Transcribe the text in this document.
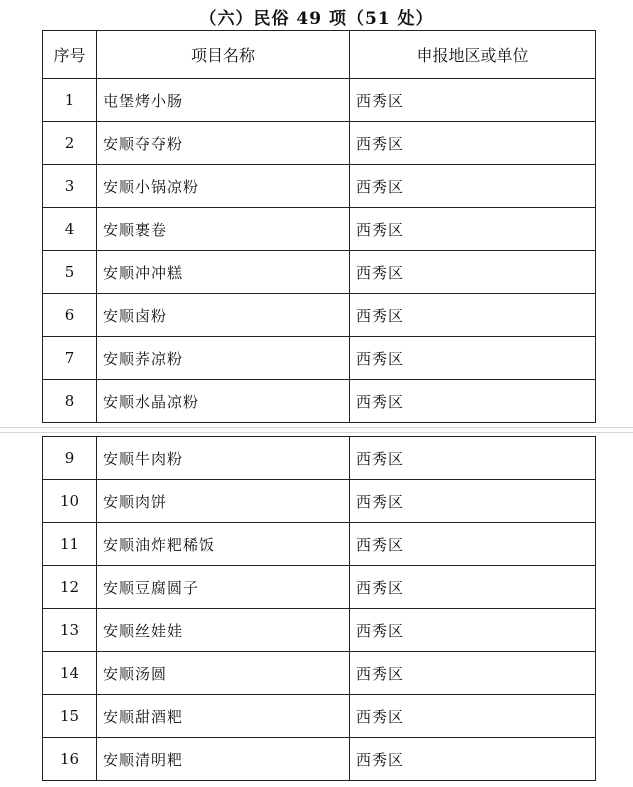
（六）民俗 49 项（51 处）
序号	项目名称	申报地区或单位
1	屯堡烤小肠	西秀区
2	安顺夺夺粉	西秀区
3	安顺小锅凉粉	西秀区
4	安顺裹卷	西秀区
5	安顺冲冲糕	西秀区
6	安顺卤粉	西秀区
7	安顺荞凉粉	西秀区
8	安顺水晶凉粉	西秀区
9	安顺牛肉粉	西秀区
10	安顺肉饼	西秀区
11	安顺油炸粑稀饭	西秀区
12	安顺豆腐圆子	西秀区
13	安顺丝娃娃	西秀区
14	安顺汤圆	西秀区
15	安顺甜酒粑	西秀区
16	安顺清明粑	西秀区
